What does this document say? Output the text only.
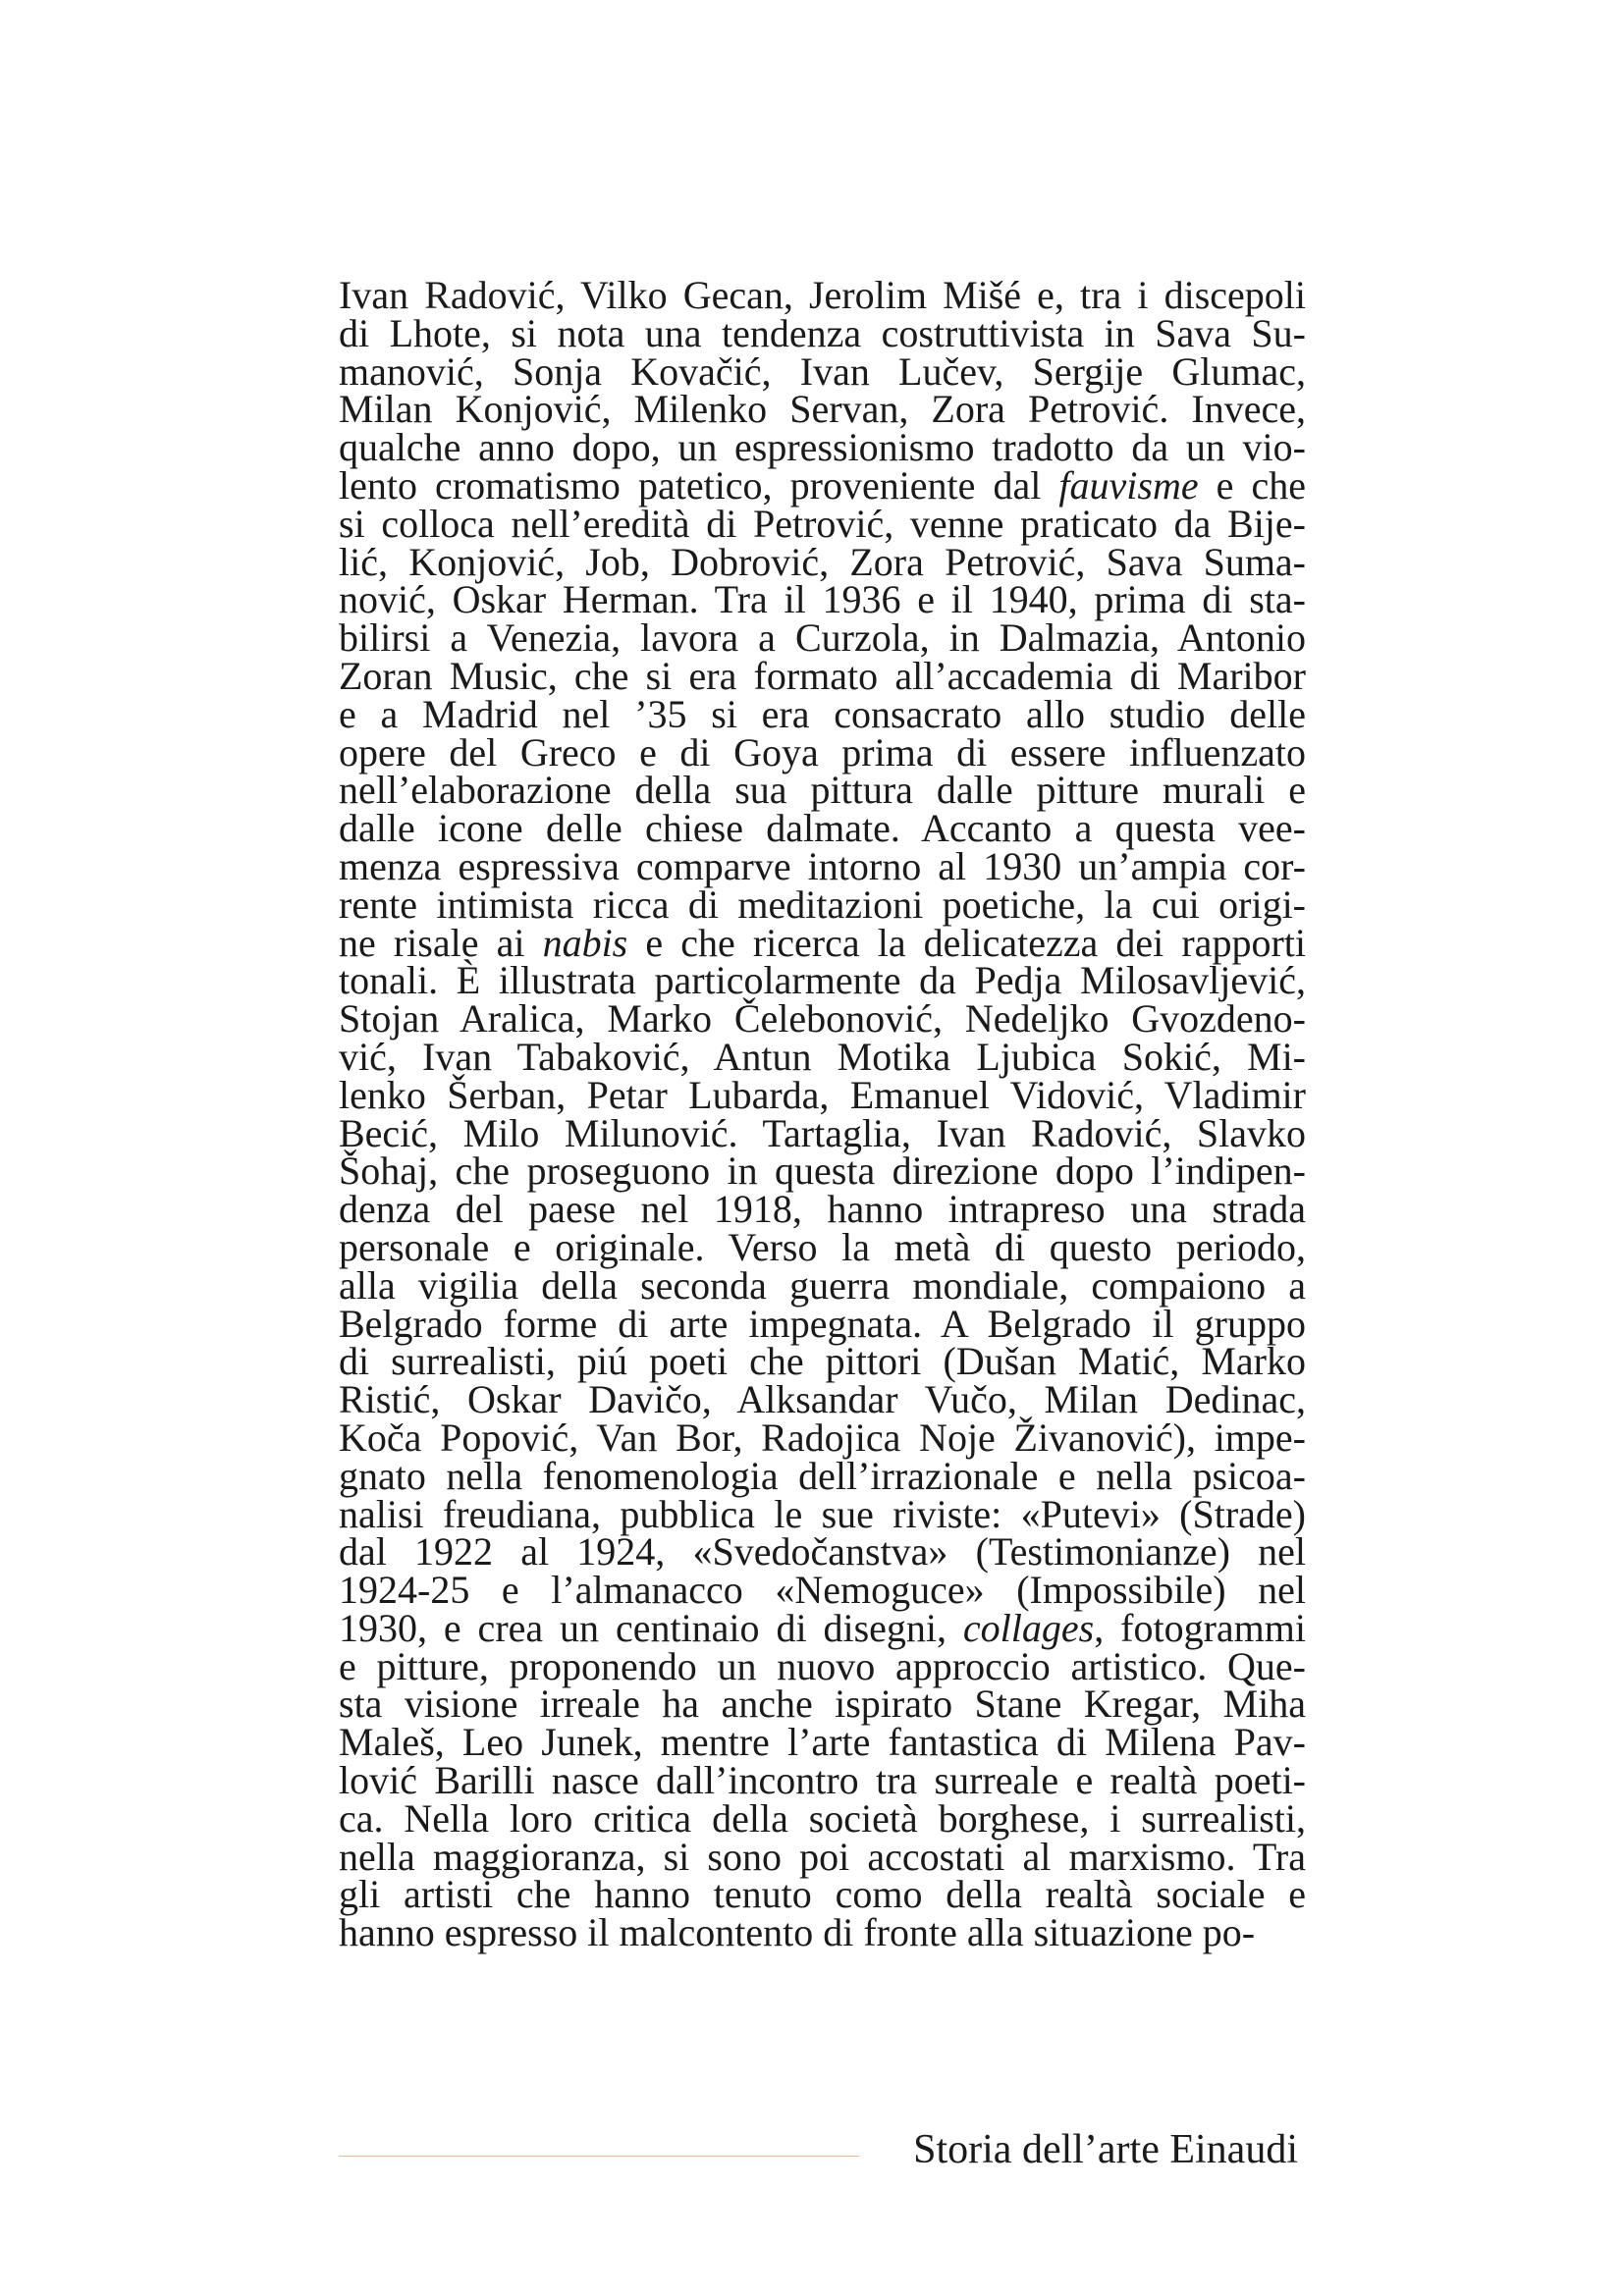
Ivan Radović, Vilko Gecan, Jerolim Mišé e, tra i discepoli
di Lhote, si nota una tendenza costruttivista in Sava Su-
manović, Sonja Kovačić, Ivan Lučev, Sergije Glumac,
Milan Konjović, Milenko Servan, Zora Petrović. Invece,
qualche anno dopo, un espressionismo tradotto da un vio-
lento cromatismo patetico, proveniente dal fauvisme e che
si colloca nell’eredità di Petrović, venne praticato da Bije-
lić, Konjović, Job, Dobrović, Zora Petrović, Sava Suma-
nović, Oskar Herman. Tra il 1936 e il 1940, prima di sta-
bilirsi a Venezia, lavora a Curzola, in Dalmazia, Antonio
Zoran Music, che si era formato all’accademia di Maribor
e a Madrid nel ’35 si era consacrato allo studio delle
opere del Greco e di Goya prima di essere influenzato
nell’elaborazione della sua pittura dalle pitture murali e
dalle icone delle chiese dalmate. Accanto a questa vee-
menza espressiva comparve intorno al 1930 un’ampia cor-
rente intimista ricca di meditazioni poetiche, la cui origi-
ne risale ai nabis e che ricerca la delicatezza dei rapporti
tonali. È illustrata particolarmente da Pedja Milosavljević,
Stojan Aralica, Marko Čelebonović, Nedeljko Gvozdeno-
vić, Ivan Tabaković, Antun Motika Ljubica Sokić, Mi-
lenko Šerban, Petar Lubarda, Emanuel Vidović, Vladimir
Becić, Milo Milunović. Tartaglia, Ivan Radović, Slavko
Šohaj, che proseguono in questa direzione dopo l’indipen-
denza del paese nel 1918, hanno intrapreso una strada
personale e originale. Verso la metà di questo periodo,
alla vigilia della seconda guerra mondiale, compaiono a
Belgrado forme di arte impegnata. A Belgrado il gruppo
di surrealisti, piú poeti che pittori (Dušan Matić, Marko
Ristić, Oskar Davičo, Alksandar Vučo, Milan Dedinac,
Koča Popović, Van Bor, Radojica Noje Živanović), impe-
gnato nella fenomenologia dell’irrazionale e nella psicoa-
nalisi freudiana, pubblica le sue riviste: «Putevi» (Strade)
dal 1922 al 1924, «Svedočanstva» (Testimonianze) nel
1924-25 e l’almanacco «Nemoguce» (Impossibile) nel
1930, e crea un centinaio di disegni, collages, fotogrammi
e pitture, proponendo un nuovo approccio artistico. Que-
sta visione irreale ha anche ispirato Stane Kregar, Miha
Maleš, Leo Junek, mentre l’arte fantastica di Milena Pav-
lović Barilli nasce dall’incontro tra surreale e realtà poeti-
ca. Nella loro critica della società borghese, i surrealisti,
nella maggioranza, si sono poi accostati al marxismo. Tra
gli artisti che hanno tenuto como della realtà sociale e
hanno espresso il malcontento di fronte alla situazione po-
Storia dell’arte Einaudi
